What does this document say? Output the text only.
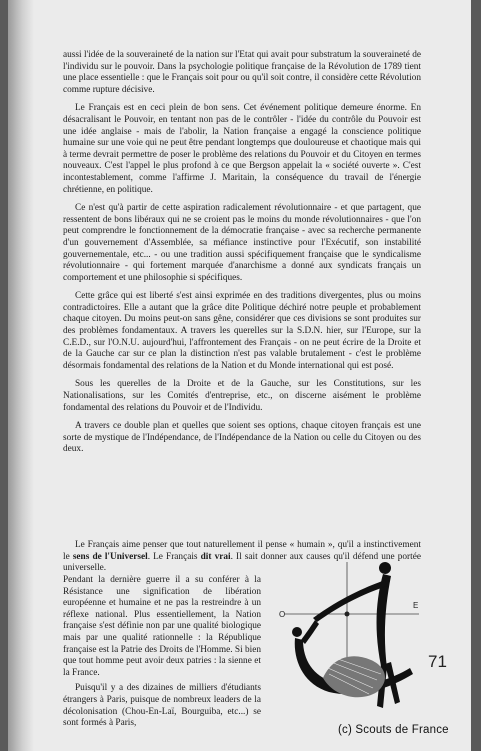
aussi l'idée de la souveraineté de la nation sur l'Etat qui avait pour substratum la souveraineté de l'individu sur le pouvoir. Dans la psychologie politique française de la Révolution de 1789 tient une place essentielle : que le Français soit pour ou qu'il soit contre, il considère cette Révolution comme rupture décisive.

Le Français est en ceci plein de bon sens. Cet événement politique demeure énorme. En désacralisant le Pouvoir, en tentant non pas de le contrôler - l'idée du contrôle du Pouvoir est une idée anglaise - mais de l'abolir, la Nation française a engagé la conscience politique humaine sur une voie qui ne peut être pendant longtemps que douloureuse et chaotique mais qui à terme devrait permettre de poser le problème des relations du Pouvoir et du Citoyen en termes nouveaux. C'est l'appel le plus profond à ce que Bergson appelait la « société ouverte ». C'est incontestablement, comme l'affirme J. Maritain, la conséquence du travail de l'énergie chrétienne, en politique.

Ce n'est qu'à partir de cette aspiration radicalement révolutionnaire - et que partagent, que ressentent de bons libéraux qui ne se croient pas le moins du monde révolutionnaires - que l'on peut comprendre le fonctionnement de la démocratie française - avec sa recherche permanente d'un gouvernement d'Assemblée, sa méfiance instinctive pour l'Exécutif, son instabilité gouvernementale, etc... - ou une tradition aussi spécifiquement française que le syndicalisme révolutionnaire - qui fortement marquée d'anarchisme a donné aux syndicats français un comportement et une philosophie si spécifiques.

Cette grâce qui est liberté s'est ainsi exprimée en des traditions divergentes, plus ou moins contradictoires. Elle a autant que la grâce dite Politique déchiré notre peuple et probablement chaque citoyen. Du moins peut-on sans gêne, considérer que ces divisions se sont produites sur des problèmes fondamentaux. A travers les querelles sur la S.D.N. hier, sur l'Europe, sur la C.E.D., sur l'O.N.U. aujourd'hui, l'affrontement des Français - on ne peut écrire de la Droite et de la Gauche car sur ce plan la distinction n'est pas valable brutalement - c'est le problème désormais fondamental des relations de la Nation et du Monde international qui est posé.

Sous les querelles de la Droite et de la Gauche, sur les Constitutions, sur les Nationalisations, sur les Comités d'entreprise, etc., on discerne aisément le problème fondamental des relations du Pouvoir et de l'Individu.

A travers ce double plan et quelles que soient ses options, chaque citoyen français est une sorte de mystique de l'Indépendance, de l'Indépendance de la Nation ou celle du Citoyen ou des deux.

Le Français aime penser que tout naturellement il pense « humain », qu'il a instinctivement le sens de l'Universel. Le Français dit vrai. Il sait donner aux causes qu'il défend une portée universelle.

Pendant la dernière guerre il a su conférer à la Résistance une signification de libération européenne et humaine et ne pas la restreindre à un réflexe national. Plus essentiellement, la Nation française s'est définie non par une qualité biologique mais par une qualité rationnelle : la République française est la Patrie des Droits de l'Homme. Si bien que tout homme peut avoir deux patries : la sienne et la France.

Puisqu'il y a des dizaines de milliers d'étudiants étrangers à Paris, puisque de nombreux leaders de la décolonisation (Chou-En-Laï, Bourguiba, etc...) se sont formés à Paris,

O
E
71
(c) Scouts de France
